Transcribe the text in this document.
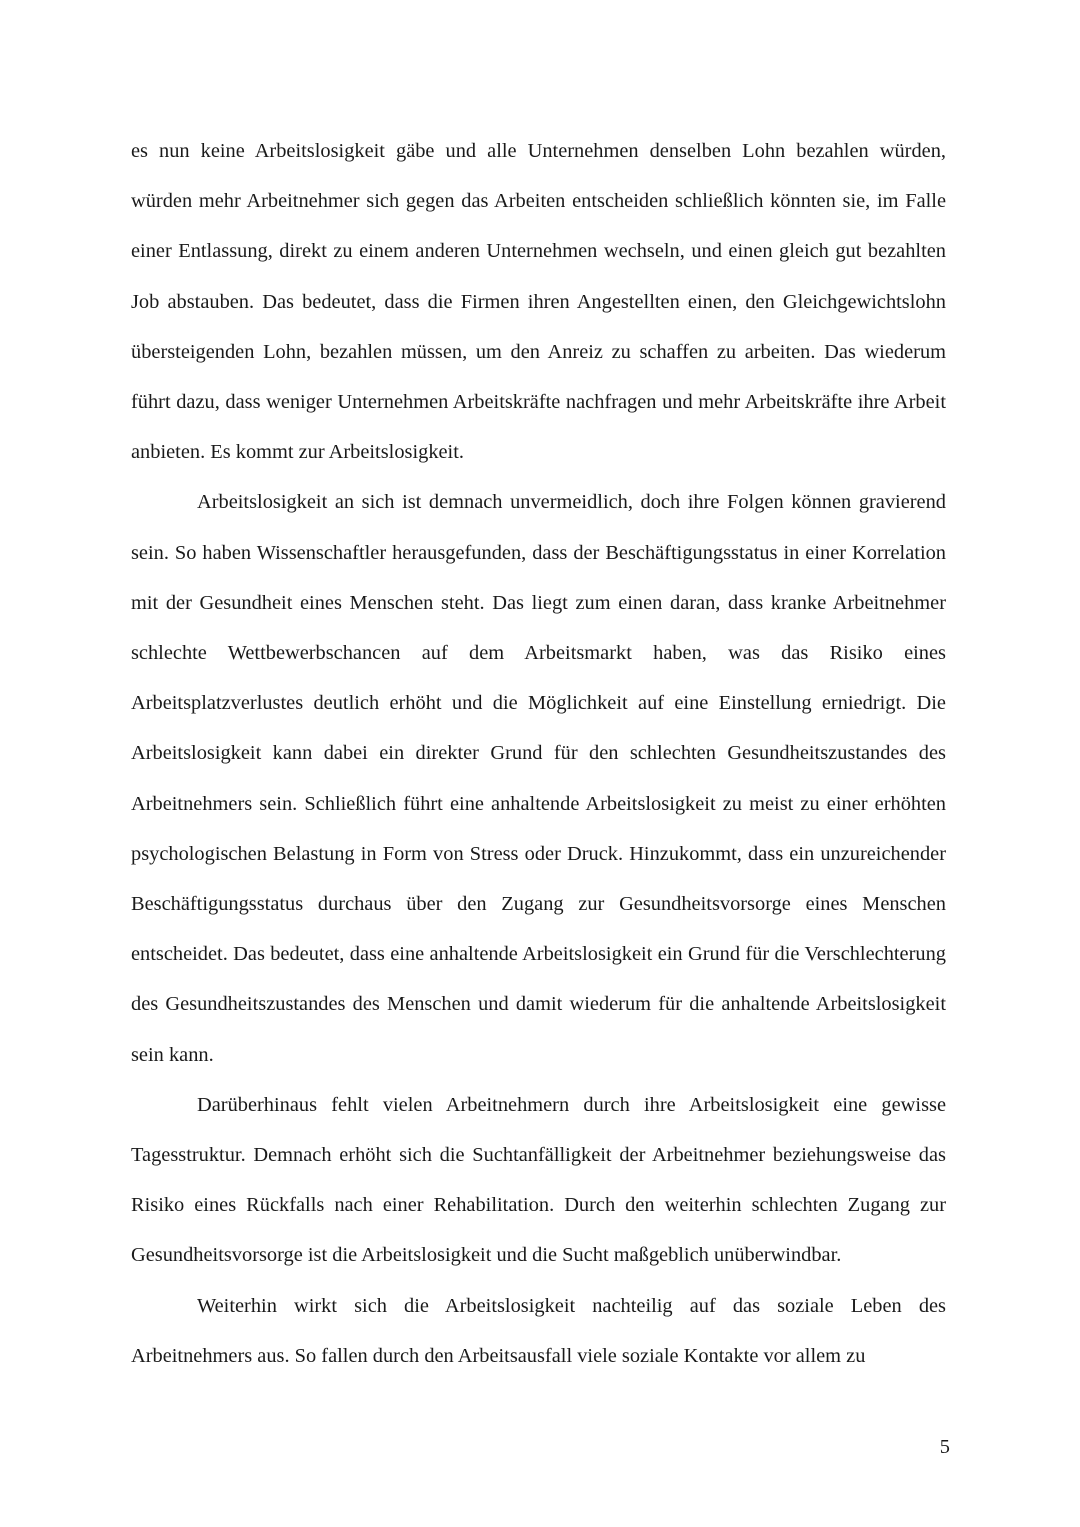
es nun keine Arbeitslosigkeit gäbe und alle Unternehmen denselben Lohn bezahlen würden, würden mehr Arbeitnehmer sich gegen das Arbeiten entscheiden schließlich könnten sie, im Falle einer Entlassung, direkt zu einem anderen Unternehmen wechseln, und einen gleich gut bezahlten Job abstauben. Das bedeutet, dass die Firmen ihren Angestellten einen, den Gleichgewichtslohn übersteigenden Lohn, bezahlen müssen, um den Anreiz zu schaffen zu arbeiten. Das wiederum führt dazu, dass weniger Unternehmen Arbeitskräfte nachfragen und mehr Arbeitskräfte ihre Arbeit anbieten. Es kommt zur Arbeitslosigkeit.

Arbeitslosigkeit an sich ist demnach unvermeidlich, doch ihre Folgen können gravierend sein. So haben Wissenschaftler herausgefunden, dass der Beschäftigungsstatus in einer Korrelation mit der Gesundheit eines Menschen steht. Das liegt zum einen daran, dass kranke Arbeitnehmer schlechte Wettbewerbschancen auf dem Arbeitsmarkt haben, was das Risiko eines Arbeitsplatzverlustes deutlich erhöht und die Möglichkeit auf eine Einstellung erniedrigt. Die Arbeitslosigkeit kann dabei ein direkter Grund für den schlechten Gesundheitszustandes des Arbeitnehmers sein. Schließlich führt eine anhaltende Arbeitslosigkeit zu meist zu einer erhöhten psychologischen Belastung in Form von Stress oder Druck. Hinzukommt, dass ein unzureichender Beschäftigungsstatus durchaus über den Zugang zur Gesundheitsvorsorge eines Menschen entscheidet. Das bedeutet, dass eine anhaltende Arbeitslosigkeit ein Grund für die Verschlechterung des Gesundheitszustandes des Menschen und damit wiederum für die anhaltende Arbeitslosigkeit sein kann.

Darüberhinaus fehlt vielen Arbeitnehmern durch ihre Arbeitslosigkeit eine gewisse Tagesstruktur. Demnach erhöht sich die Suchtanfälligkeit der Arbeitnehmer beziehungsweise das Risiko eines Rückfalls nach einer Rehabilitation. Durch den weiterhin schlechten Zugang zur Gesundheitsvorsorge ist die Arbeitslosigkeit und die Sucht maßgeblich unüberwindbar.

Weiterhin wirkt sich die Arbeitslosigkeit nachteilig auf das soziale Leben des Arbeitnehmers aus. So fallen durch den Arbeitsausfall viele soziale Kontakte vor allem zu

5
